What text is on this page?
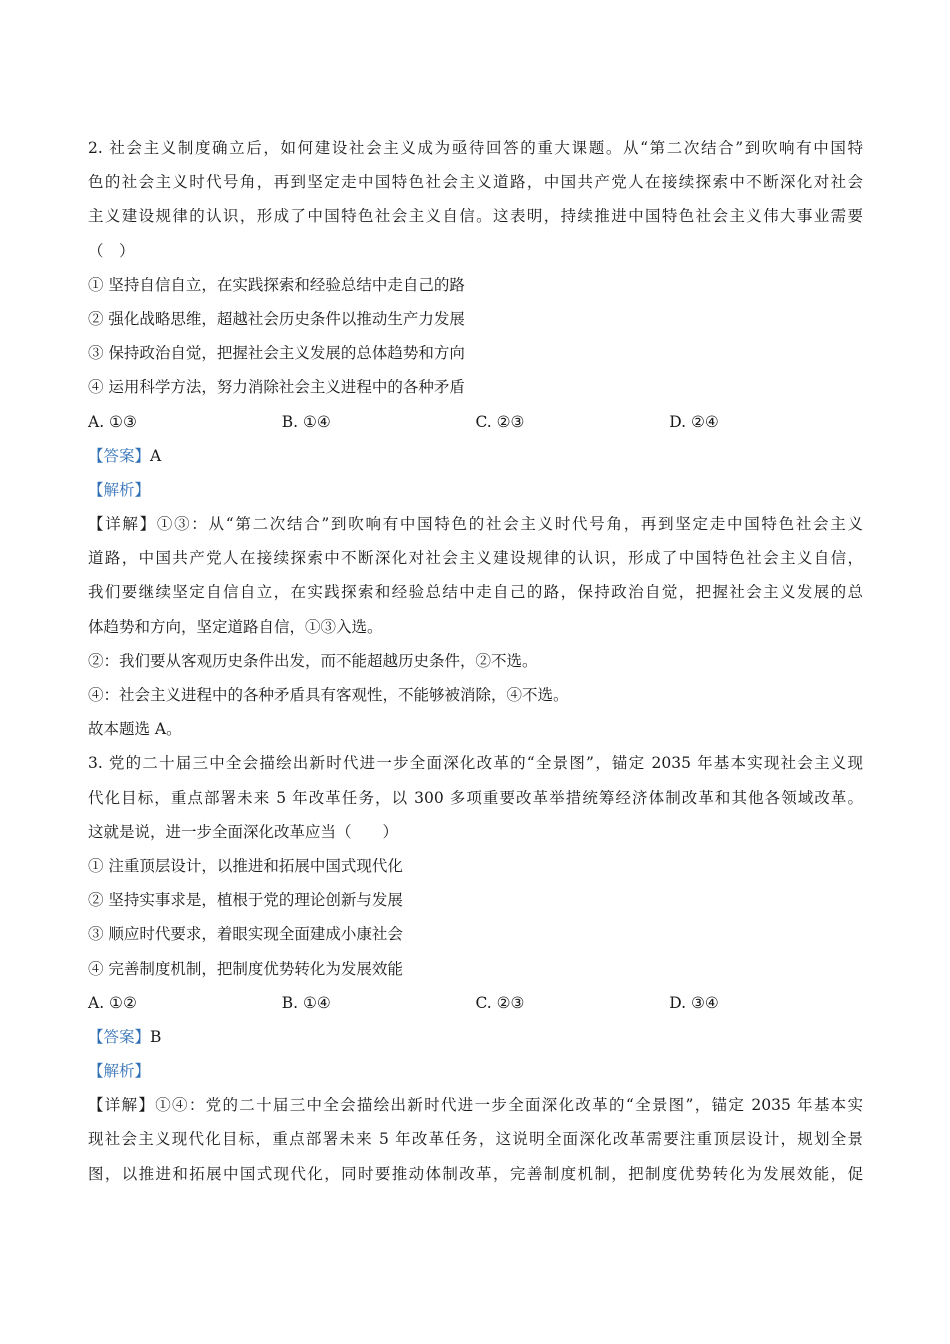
2. 社会主义制度确立后，如何建设社会主义成为亟待回答的重大课题。从“第二次结合”到吹响有中国特
色的社会主义时代号角，再到坚定走中国特色社会主义道路，中国共产党人在接续探索中不断深化对社会
主义建设规律的认识，形成了中国特色社会主义自信。这表明，持续推进中国特色社会主义伟大事业需要
（　）
① 坚持自信自立，在实践探索和经验总结中走自己的路
② 强化战略思维，超越社会历史条件以推动生产力发展
③ 保持政治自觉，把握社会主义发展的总体趋势和方向
④ 运用科学方法，努力消除社会主义进程中的各种矛盾
A. ①③	B. ①④	C. ②③	D. ②④
【答案】A
【解析】
【详解】①③：从“第二次结合”到吹响有中国特色的社会主义时代号角，再到坚定走中国特色社会主义
道路，中国共产党人在接续探索中不断深化对社会主义建设规律的认识，形成了中国特色社会主义自信，
我们要继续坚定自信自立，在实践探索和经验总结中走自己的路，保持政治自觉，把握社会主义发展的总
体趋势和方向，坚定道路自信，①③入选。
②：我们要从客观历史条件出发，而不能超越历史条件，②不选。
④：社会主义进程中的各种矛盾具有客观性，不能够被消除，④不选。
故本题选 A。
3. 党的二十届三中全会描绘出新时代进一步全面深化改革的“全景图”，锚定 2035 年基本实现社会主义现
代化目标，重点部署未来 5 年改革任务，以 300 多项重要改革举措统筹经济体制改革和其他各领域改革。
这就是说，进一步全面深化改革应当（　　）
① 注重顶层设计，以推进和拓展中国式现代化
② 坚持实事求是，植根于党的理论创新与发展
③ 顺应时代要求，着眼实现全面建成小康社会
④ 完善制度机制，把制度优势转化为发展效能
A. ①②	B. ①④	C. ②③	D. ③④
【答案】B
【解析】
【详解】①④：党的二十届三中全会描绘出新时代进一步全面深化改革的“全景图”，锚定 2035 年基本实
现社会主义现代化目标，重点部署未来 5 年改革任务，这说明全面深化改革需要注重顶层设计，规划全景
图，以推进和拓展中国式现代化，同时要推动体制改革，完善制度机制，把制度优势转化为发展效能，促
